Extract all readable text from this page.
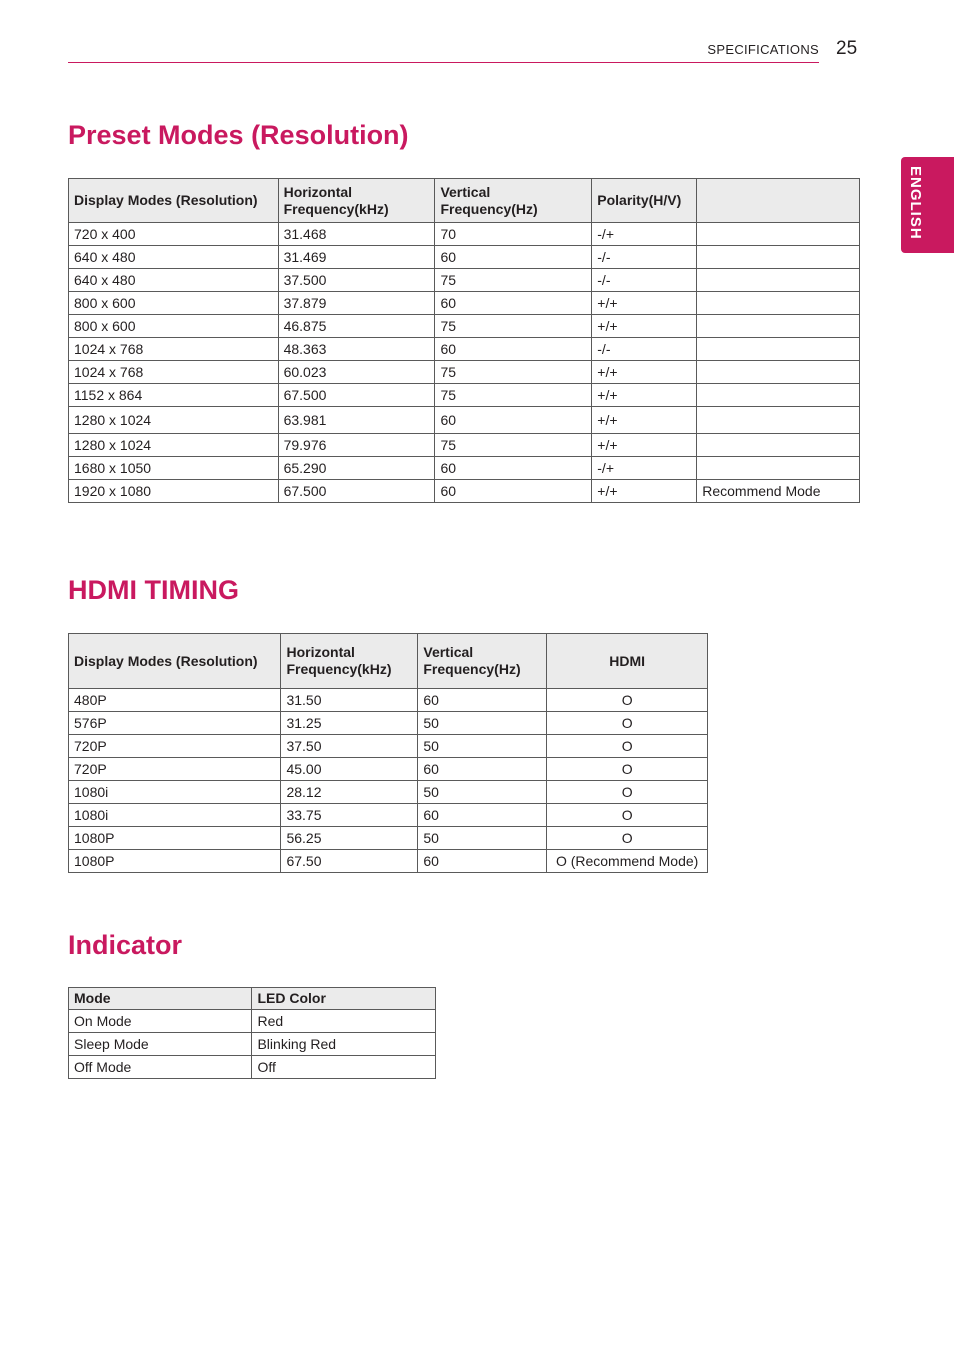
SPECIFICATIONS 25
ENGLISH
Preset Modes (Resolution)
Display Modes (Resolution)	Horizontal Frequency(kHz)	Vertical Frequency(Hz)	Polarity(H/V)	
720 x 400	31.468	70	-/+	
640 x 480	31.469	60	-/-	
640 x 480	37.500	75	-/-	
800 x 600	37.879	60	+/+	
800 x 600	46.875	75	+/+	
1024 x 768	48.363	60	-/-	
1024 x 768	60.023	75	+/+	
1152 x 864	67.500	75	+/+	
1280 x 1024	63.981	60	+/+	
1280 x 1024	79.976	75	+/+	
1680 x 1050	65.290	60	-/+	
1920 x 1080	67.500	60	+/+	Recommend Mode
HDMI TIMING
Display Modes (Resolution)	Horizontal Frequency(kHz)	Vertical Frequency(Hz)	HDMI
480P	31.50	60	O
576P	31.25	50	O
720P	37.50	50	O
720P	45.00	60	O
1080i	28.12	50	O
1080i	33.75	60	O
1080P	56.25	50	O
1080P	67.50	60	O (Recommend Mode)
Indicator
Mode	LED Color
On Mode	Red
Sleep Mode	Blinking Red
Off Mode	Off
